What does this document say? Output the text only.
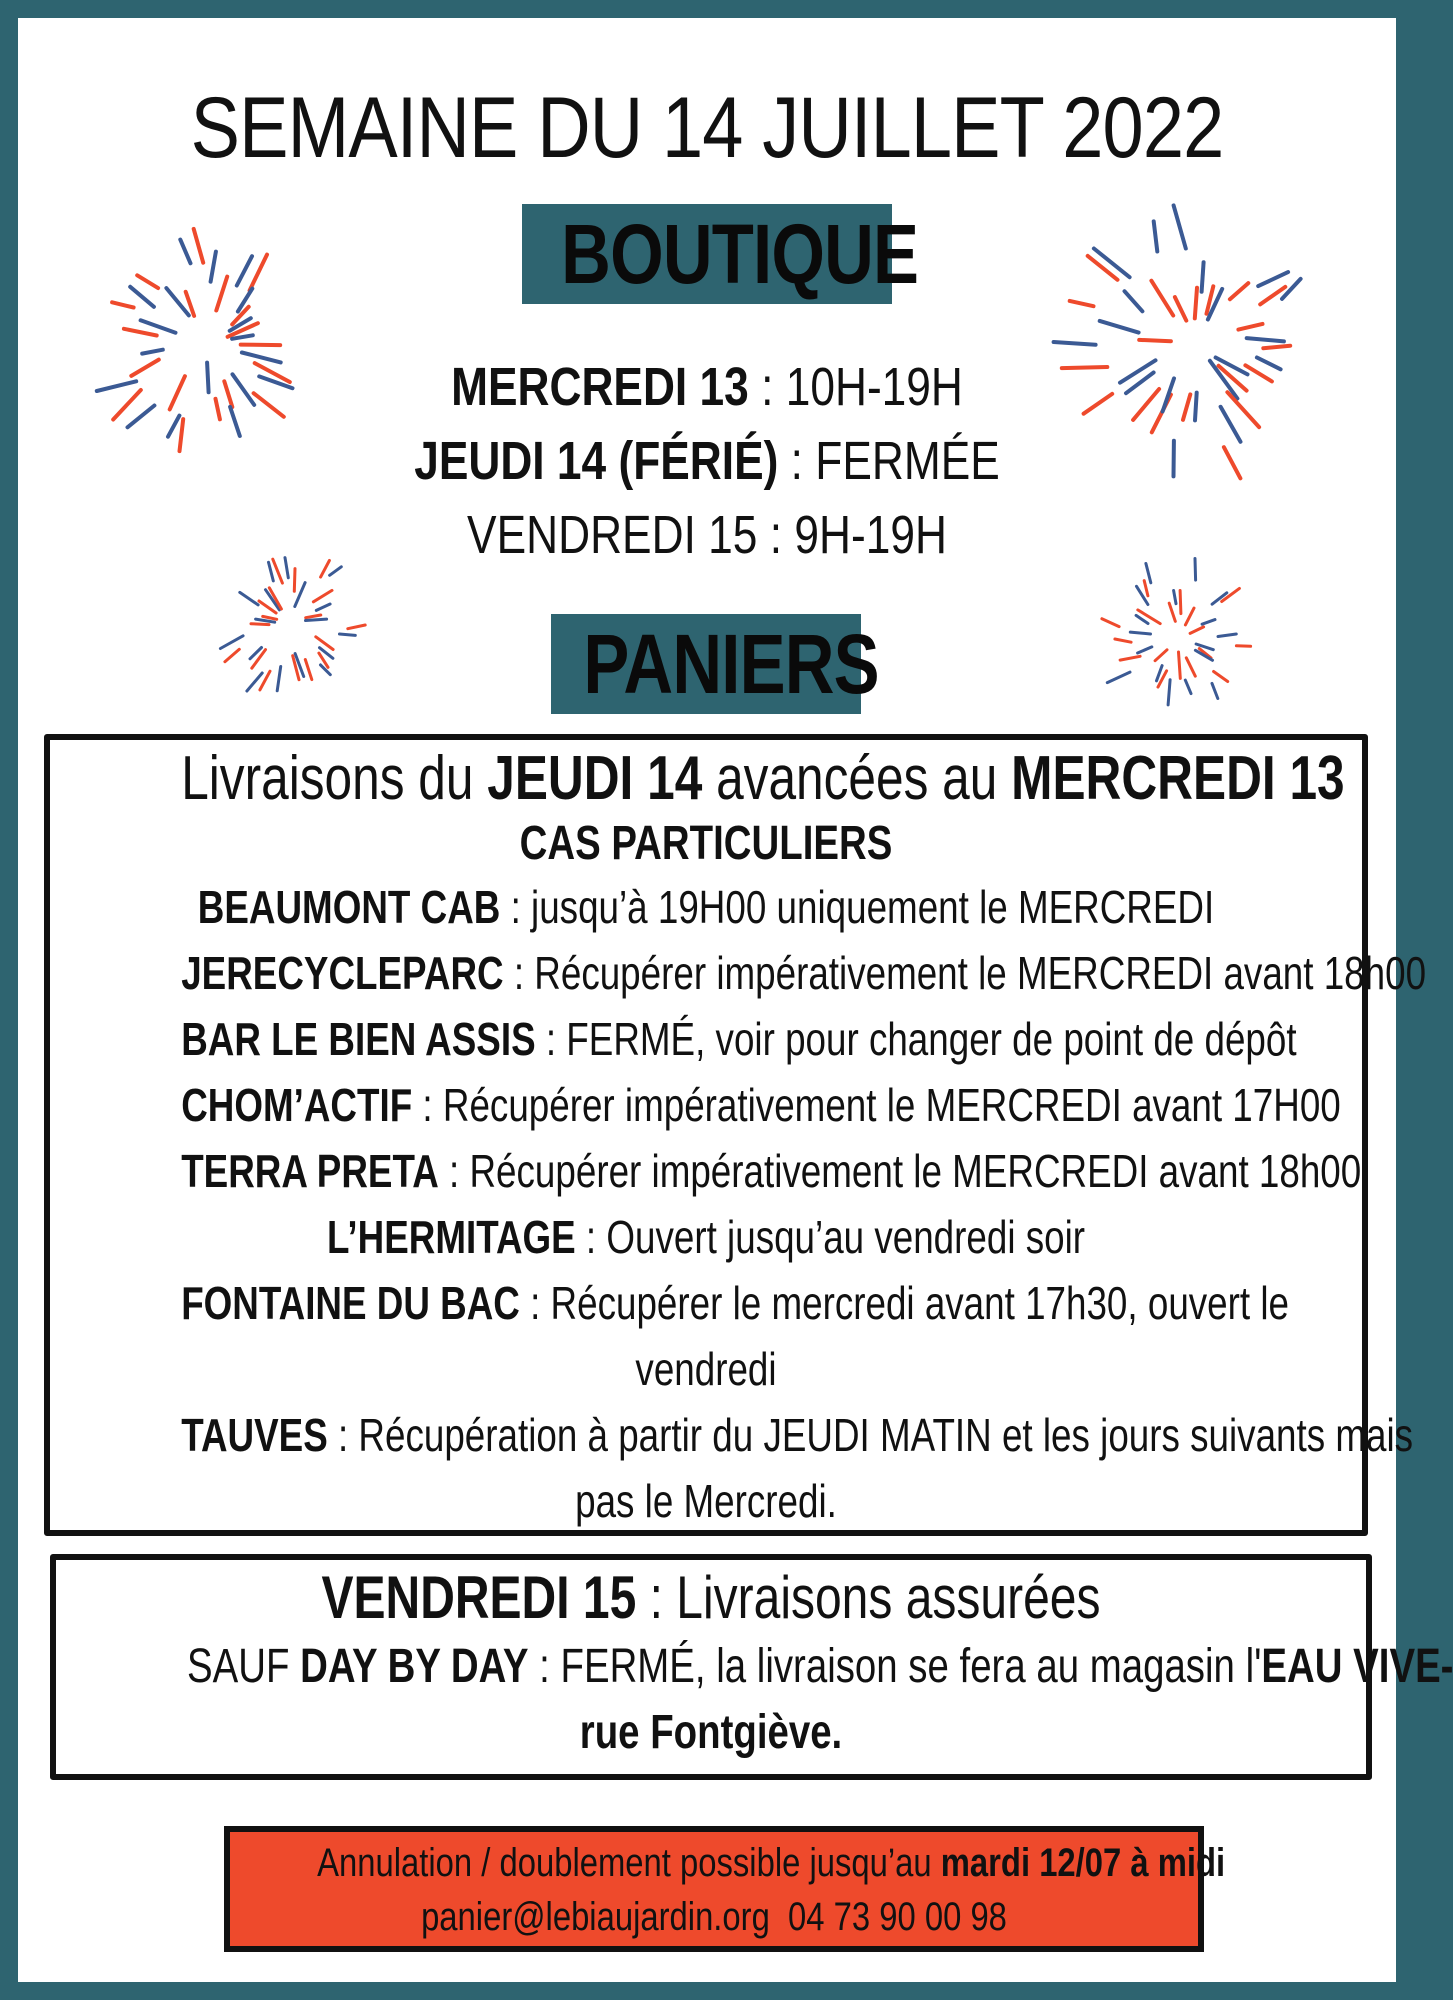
SEMAINE DU 14 JUILLET 2022
BOUTIQUE
MERCREDI 13 : 10H-19H
JEUDI 14 (FÉRIÉ) : FERMÉE
VENDREDI 15 : 9H-19H
PANIERS
Livraisons du JEUDI 14 avancées au MERCREDI 13
CAS PARTICULIERS
BEAUMONT CAB : jusqu’à 19H00 uniquement le MERCREDI
JERECYCLEPARC : Récupérer impérativement le MERCREDI avant 18h00
BAR LE BIEN ASSIS : FERMÉ, voir pour changer de point de dépôt
CHOM’ACTIF : Récupérer impérativement le MERCREDI avant 17H00
TERRA PRETA : Récupérer impérativement le MERCREDI avant 18h00
L’HERMITAGE : Ouvert jusqu’au vendredi soir
FONTAINE DU BAC : Récupérer le mercredi avant 17h30, ouvert le
vendredi
TAUVES : Récupération à partir du JEUDI MATIN et les jours suivants mais
pas le Mercredi.
VENDREDI 15 : Livraisons assurées
SAUF DAY BY DAY : FERMÉ, la livraison se fera au magasin l'EAU VIVE-
rue Fontgiève.
Annulation / doublement possible jusqu’au mardi 12/07 à midi
panier@lebiaujardin.org 04 73 90 00 98
